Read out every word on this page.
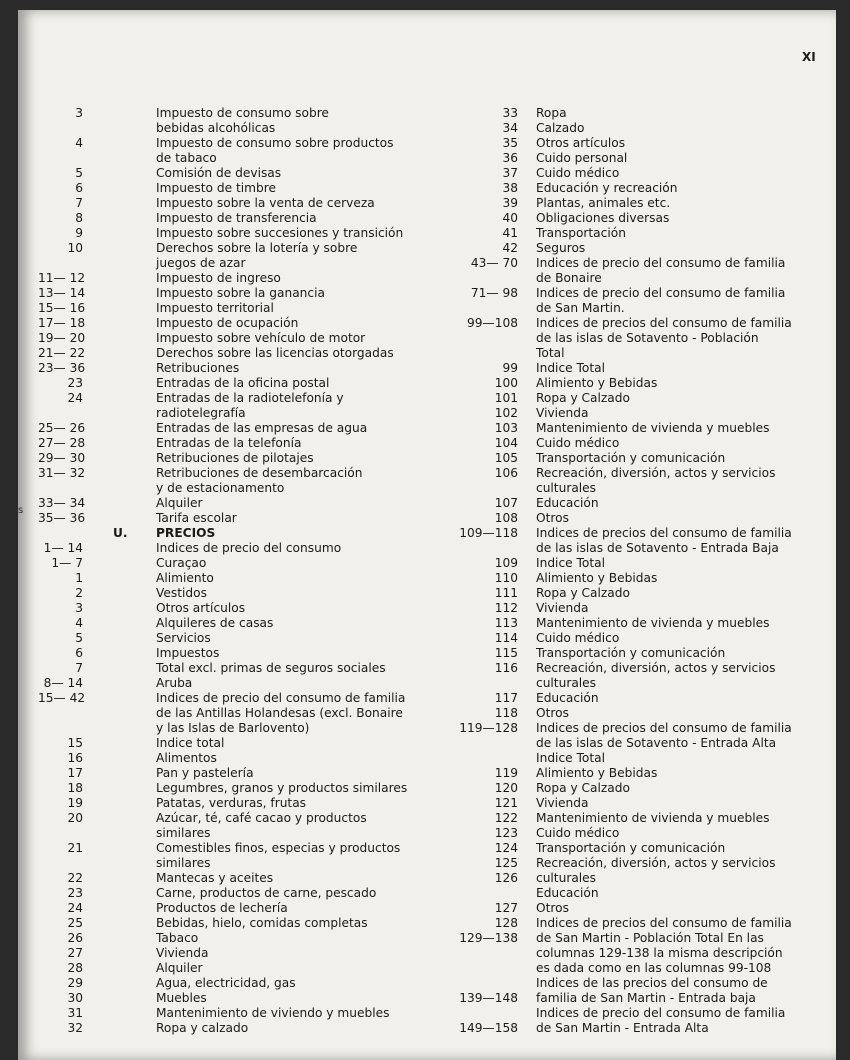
XI
s
3	Impuesto de consumo sobre
bebidas alcohólicas
4	Impuesto de consumo sobre productos
de tabaco
5	Comisión de devisas
6	Impuesto de timbre
7	Impuesto sobre la venta de cerveza
8	Impuesto de transferencia
9	Impuesto sobre succesiones y transición
10	Derechos sobre la lotería y sobre
juegos de azar
11— 12	Impuesto de ingreso
13— 14	Impuesto sobre la ganancia
15— 16	Impuesto territorial
17— 18	Impuesto de ocupación
19— 20	Impuesto sobre vehículo de motor
21— 22	Derechos sobre las licencias otorgadas
23— 36	Retribuciones
23	Entradas de la oficina postal
24	Entradas de la radiotelefonía y
radiotelegrafía
25— 26	Entradas de las empresas de agua
27— 28	Entradas de la telefonía
29— 30	Retribuciones de pilotajes
31— 32	Retribuciones de desembarcación
y de estacionamento
33— 34	Alquiler
35— 36	Tarifa escolar
U. PRECIOS
1— 14	Indices de precio del consumo
1— 7	Curaçao
1	Alimiento
2	Vestidos
3	Otros artículos
4	Alquileres de casas
5	Servicios
6	Impuestos
7	Total excl. primas de seguros sociales
8— 14	Aruba
15— 42	Indices de precio del consumo de familia
de las Antillas Holandesas (excl. Bonaire
y las Islas de Barlovento)
15	Indice total
16	Alimentos
17	Pan y pastelería
18	Legumbres, granos y productos similares
19	Patatas, verduras, frutas
20	Azúcar, té, café cacao y productos
similares
21	Comestibles finos, especias y productos
similares
22	Mantecas y aceites
23	Carne, productos de carne, pescado
24	Productos de lechería
25	Bebidas, hielo, comidas completas
26	Tabaco
27	Vivienda
28	Alquiler
29	Agua, electricidad, gas
30	Muebles
31	Mantenimiento de viviendo y muebles
32	Ropa y calzado
33 Ropa
34 Calzado
35 Otros artículos
36 Cuido personal
37 Cuido médico
38 Educación y recreación
39 Plantas, animales etc.
40 Obligaciones diversas
41 Transportación
42 Seguros
43— 70 Indices de precio del consumo de familia
de Bonaire
71— 98 Indices de precio del consumo de familia
de San Martin.
99—108 Indices de precios del consumo de familia
de las islas de Sotavento - Población
Total
99 Indice Total
100 Alimiento y Bebidas
101 Ropa y Calzado
102 Vivienda
103 Mantenimiento de vivienda y muebles
104 Cuido médico
105 Transportación y comunicación
106 Recreación, diversión, actos y servicios
culturales
107 Educación
108 Otros
109—118 Indices de precios del consumo de familia
de las islas de Sotavento - Entrada Baja
109 Indice Total
110 Alimiento y Bebidas
111 Ropa y Calzado
112 Vivienda
113 Mantenimiento de vivienda y muebles
114 Cuido médico
115 Transportación y comunicación
116 Recreación, diversión, actos y servicios
culturales
117 Educación
118 Otros
119—128 Indices de precios del consumo de familia
de las islas de Sotavento - Entrada Alta
Indice Total
119 Alimiento y Bebidas
120 Ropa y Calzado
121 Vivienda
122 Mantenimiento de vivienda y muebles
123 Cuido médico
124 Transportación y comunicación
125 Recreación, diversión, actos y servicios
126 culturales
Educación
127 Otros
128 Indices de precios del consumo de familia
129—138 de San Martin - Población Total En las
columnas 129-138 la misma descripción
es dada como en las columnas 99-108
Indices de las precios del consumo de
139—148 familia de San Martin - Entrada baja
Indices de precio del consumo de familia
149—158 de San Martin - Entrada Alta
